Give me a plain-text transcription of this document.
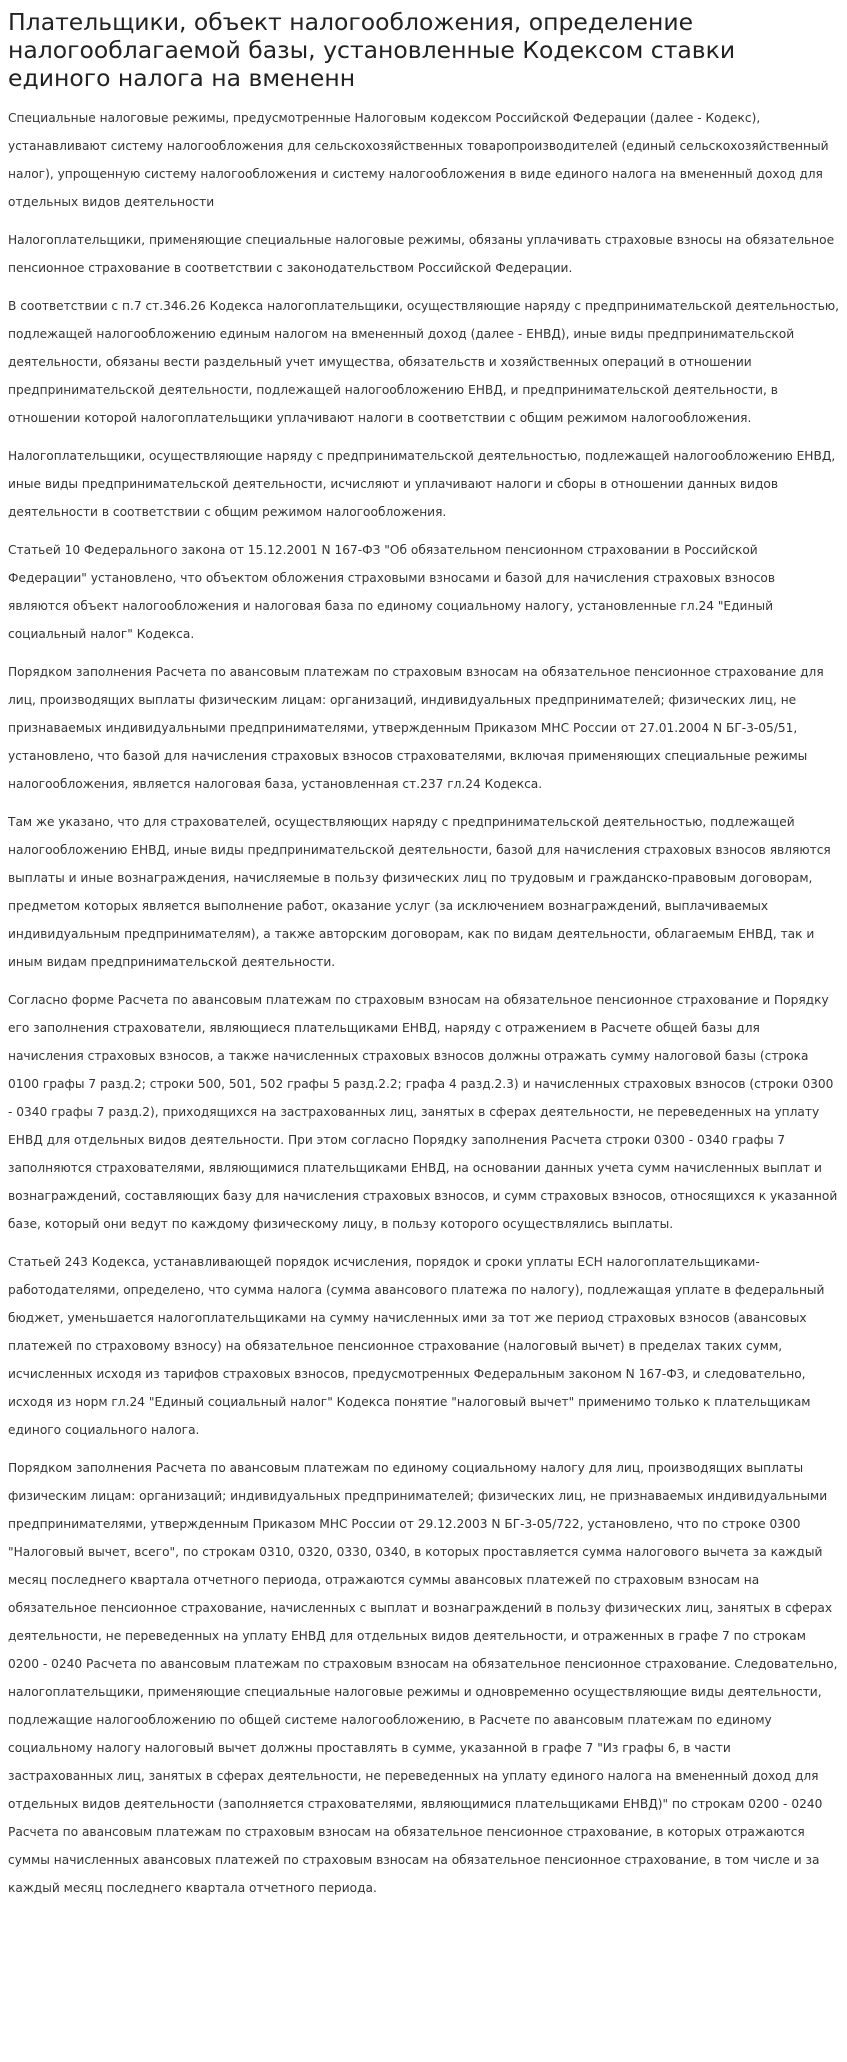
Плательщики, объект налогообложения, определение налогооблагаемой базы, установленные Кодексом ставки единого налога на вмененн

Специальные налоговые режимы, предусмотренные Налоговым кодексом Российской Федерации (далее - Кодекс), устанавливают систему налогообложения для сельскохозяйственных товаропроизводителей (единый сельскохозяйственный налог), упрощенную систему налогообложения и систему налогообложения в виде единого налога на вмененный доход для отдельных видов деятельности

Налогоплательщики, применяющие специальные налоговые режимы, обязаны уплачивать страховые взносы на обязательное пенсионное страхование в соответствии с законодательством Российской Федерации.

В соответствии с п.7 ст.346.26 Кодекса налогоплательщики, осуществляющие наряду с предпринимательской деятельностью, подлежащей налогообложению единым налогом на вмененный доход (далее - ЕНВД), иные виды предпринимательской деятельности, обязаны вести раздельный учет имущества, обязательств и хозяйственных операций в отношении предпринимательской деятельности, подлежащей налогообложению ЕНВД, и предпринимательской деятельности, в отношении которой налогоплательщики уплачивают налоги в соответствии с общим режимом налогообложения.

Налогоплательщики, осуществляющие наряду с предпринимательской деятельностью, подлежащей налогообложению ЕНВД, иные виды предпринимательской деятельности, исчисляют и уплачивают налоги и сборы в отношении данных видов деятельности в соответствии с общим режимом налогообложения.

Статьей 10 Федерального закона от 15.12.2001 N 167-ФЗ "Об обязательном пенсионном страховании в Российской Федерации" установлено, что объектом обложения страховыми взносами и базой для начисления страховых взносов являются объект налогообложения и налоговая база по единому социальному налогу, установленные гл.24 "Единый социальный налог" Кодекса.

Порядком заполнения Расчета по авансовым платежам по страховым взносам на обязательное пенсионное страхование для лиц, производящих выплаты физическим лицам: организаций, индивидуальных предпринимателей; физических лиц, не признаваемых индивидуальными предпринимателями, утвержденным Приказом МНС России от 27.01.2004 N БГ-3-05/51, установлено, что базой для начисления страховых взносов страхователями, включая применяющих специальные режимы налогообложения, является налоговая база, установленная ст.237 гл.24 Кодекса.

Там же указано, что для страхователей, осуществляющих наряду с предпринимательской деятельностью, подлежащей налогообложению ЕНВД, иные виды предпринимательской деятельности, базой для начисления страховых взносов являются выплаты и иные вознаграждения, начисляемые в пользу физических лиц по трудовым и гражданско-правовым договорам, предметом которых является выполнение работ, оказание услуг (за исключением вознаграждений, выплачиваемых индивидуальным предпринимателям), а также авторским договорам, как по видам деятельности, облагаемым ЕНВД, так и иным видам предпринимательской деятельности.

Согласно форме Расчета по авансовым платежам по страховым взносам на обязательное пенсионное страхование и Порядку его заполнения страхователи, являющиеся плательщиками ЕНВД, наряду с отражением в Расчете общей базы для начисления страховых взносов, а также начисленных страховых взносов должны отражать сумму налоговой базы (строка 0100 графы 7 разд.2; строки 500, 501, 502 графы 5 разд.2.2; графа 4 разд.2.3) и начисленных страховых взносов (строки 0300 - 0340 графы 7 разд.2), приходящихся на застрахованных лиц, занятых в сферах деятельности, не переведенных на уплату ЕНВД для отдельных видов деятельности. При этом согласно Порядку заполнения Расчета строки 0300 - 0340 графы 7 заполняются страхователями, являющимися плательщиками ЕНВД, на основании данных учета сумм начисленных выплат и вознаграждений, составляющих базу для начисления страховых взносов, и сумм страховых взносов, относящихся к указанной базе, который они ведут по каждому физическому лицу, в пользу которого осуществлялись выплаты.

Статьей 243 Кодекса, устанавливающей порядок исчисления, порядок и сроки уплаты ЕСН налогоплательщиками-работодателями, определено, что сумма налога (сумма авансового платежа по налогу), подлежащая уплате в федеральный бюджет, уменьшается налогоплательщиками на сумму начисленных ими за тот же период страховых взносов (авансовых платежей по страховому взносу) на обязательное пенсионное страхование (налоговый вычет) в пределах таких сумм, исчисленных исходя из тарифов страховых взносов, предусмотренных Федеральным законом N 167-ФЗ, и следовательно, исходя из норм гл.24 "Единый социальный налог" Кодекса понятие "налоговый вычет" применимо только к плательщикам единого социального налога.

Порядком заполнения Расчета по авансовым платежам по единому социальному налогу для лиц, производящих выплаты физическим лицам: организаций; индивидуальных предпринимателей; физических лиц, не признаваемых индивидуальными предпринимателями, утвержденным Приказом МНС России от 29.12.2003 N БГ-3-05/722, установлено, что по строке 0300 "Налоговый вычет, всего", по строкам 0310, 0320, 0330, 0340, в которых проставляется сумма налогового вычета за каждый месяц последнего квартала отчетного периода, отражаются суммы авансовых платежей по страховым взносам на обязательное пенсионное страхование, начисленных с выплат и вознаграждений в пользу физических лиц, занятых в сферах деятельности, не переведенных на уплату ЕНВД для отдельных видов деятельности, и отраженных в графе 7 по строкам 0200 - 0240 Расчета по авансовым платежам по страховым взносам на обязательное пенсионное страхование. Следовательно, налогоплательщики, применяющие специальные налоговые режимы и одновременно осуществляющие виды деятельности, подлежащие налогообложению по общей системе налогообложению, в Расчете по авансовым платежам по единому социальному налогу налоговый вычет должны проставлять в сумме, указанной в графе 7 "Из графы 6, в части застрахованных лиц, занятых в сферах деятельности, не переведенных на уплату единого налога на вмененный доход для отдельных видов деятельности (заполняется страхователями, являющимися плательщиками ЕНВД)" по строкам 0200 - 0240 Расчета по авансовым платежам по страховым взносам на обязательное пенсионное страхование, в которых отражаются суммы начисленных авансовых платежей по страховым взносам на обязательное пенсионное страхование, в том числе и за каждый месяц последнего квартала отчетного периода.
